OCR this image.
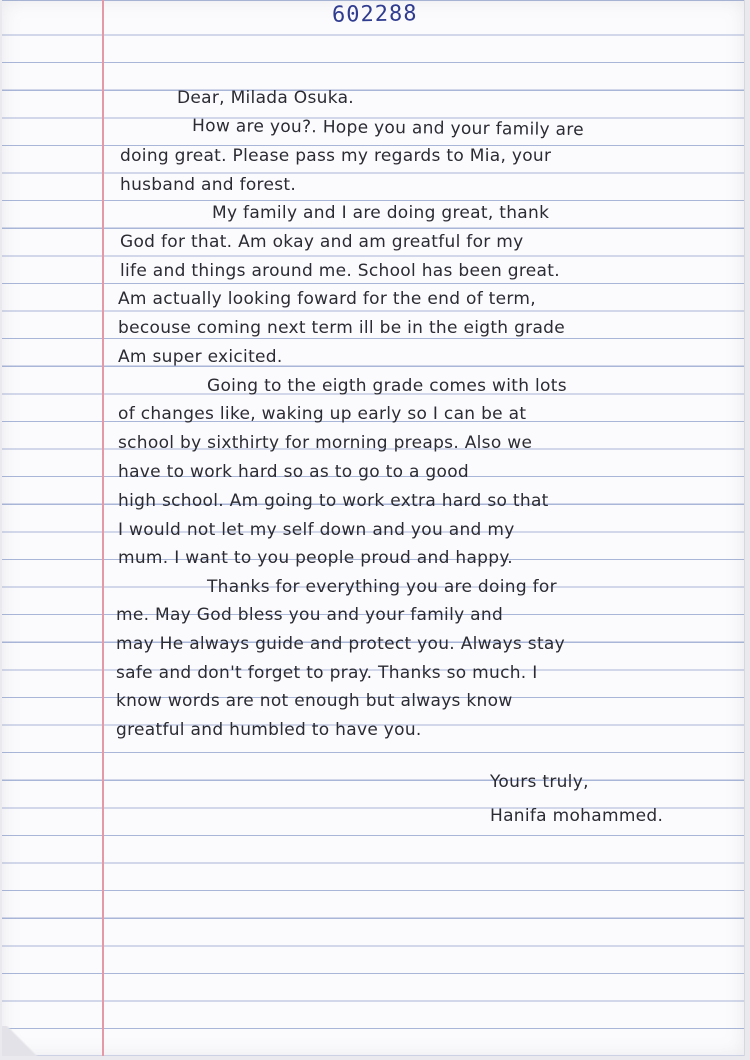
602288
Dear, Milada Osuka.
How are you?. Hope you and your family are
doing great. Please pass my regards to Mia, your
husband and forest.
My family and I are doing great, thank
God for that. Am okay and am greatful for my
life and things around me. School has been great.
Am actually looking foward for the end of term,
becouse coming next term ill be in the eigth grade
Am super exicited.
Going to the eigth grade comes with lots
of changes like, waking up early so I can be at
school by sixthirty for morning preaps. Also we
have to work hard so as to go to a good
high school. Am going to work extra hard so that
I would not let my self down and you and my
mum. I want to you people proud and happy.
Thanks for everything you are doing for
me. May God bless you and your family and
may He always guide and protect you. Always stay
safe and don't forget to pray. Thanks so much. I
know words are not enough but always know
greatful and humbled to have you.
Yours truly,
Hanifa mohammed.
